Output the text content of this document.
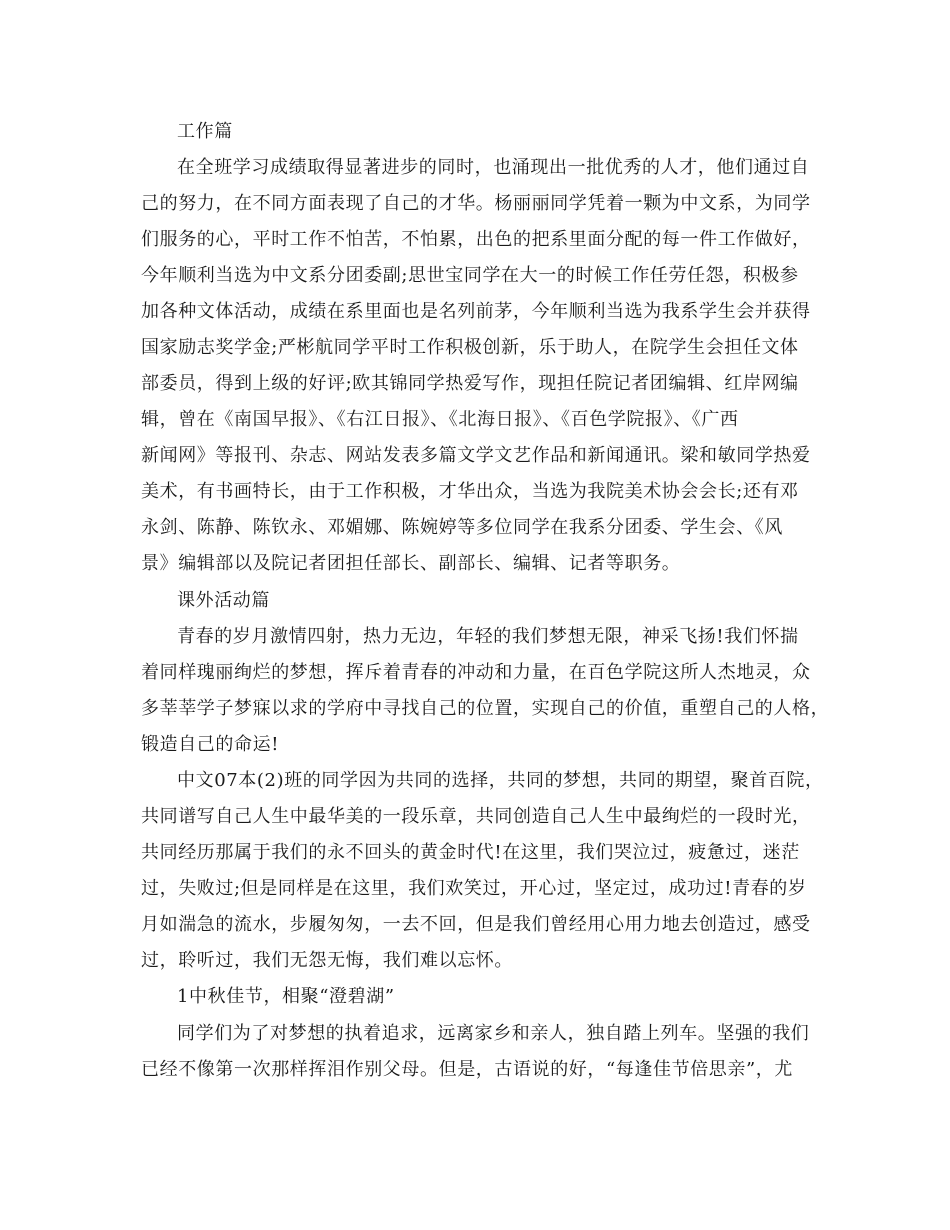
工作篇
在全班学习成绩取得显著进步的同时，也涌现出一批优秀的人才，他们通过自
己的努力，在不同方面表现了自己的才华。杨丽丽同学凭着一颗为中文系，为同学
们服务的心，平时工作不怕苦，不怕累，出色的把系里面分配的每一件工作做好，
今年顺利当选为中文系分团委副;思世宝同学在大一的时候工作任劳任怨，积极参
加各种文体活动，成绩在系里面也是名列前茅，今年顺利当选为我系学生会并获得
国家励志奖学金;严彬航同学平时工作积极创新，乐于助人，在院学生会担任文体
部委员，得到上级的好评;欧其锦同学热爱写作，现担任院记者团编辑、红岸网编
辑，曾在《南国早报》、《右江日报》、《北海日报》、《百色学院报》、《广西
新闻网》等报刊、杂志、网站发表多篇文学文艺作品和新闻通讯。梁和敏同学热爱
美术，有书画特长，由于工作积极，才华出众，当选为我院美术协会会长;还有邓
永剑、陈静、陈钦永、邓媚娜、陈婉婷等多位同学在我系分团委、学生会、《风
景》编辑部以及院记者团担任部长、副部长、编辑、记者等职务。
课外活动篇
青春的岁月激情四射，热力无边，年轻的我们梦想无限，神采飞扬!我们怀揣
着同样瑰丽绚烂的梦想，挥斥着青春的冲动和力量，在百色学院这所人杰地灵，众
多莘莘学子梦寐以求的学府中寻找自己的位置，实现自己的价值，重塑自己的人格，
锻造自己的命运!
中文07本(2)班的同学因为共同的选择，共同的梦想，共同的期望，聚首百院，
共同谱写自己人生中最华美的一段乐章，共同创造自己人生中最绚烂的一段时光，
共同经历那属于我们的永不回头的黄金时代!在这里，我们哭泣过，疲惫过，迷茫
过，失败过;但是同样是在这里，我们欢笑过，开心过，坚定过，成功过!青春的岁
月如湍急的流水，步履匆匆，一去不回，但是我们曾经用心用力地去创造过，感受
过，聆听过，我们无怨无悔，我们难以忘怀。
1中秋佳节，相聚“澄碧湖”
同学们为了对梦想的执着追求，远离家乡和亲人，独自踏上列车。坚强的我们
已经不像第一次那样挥泪作别父母。但是，古语说的好，“每逢佳节倍思亲”，尤
